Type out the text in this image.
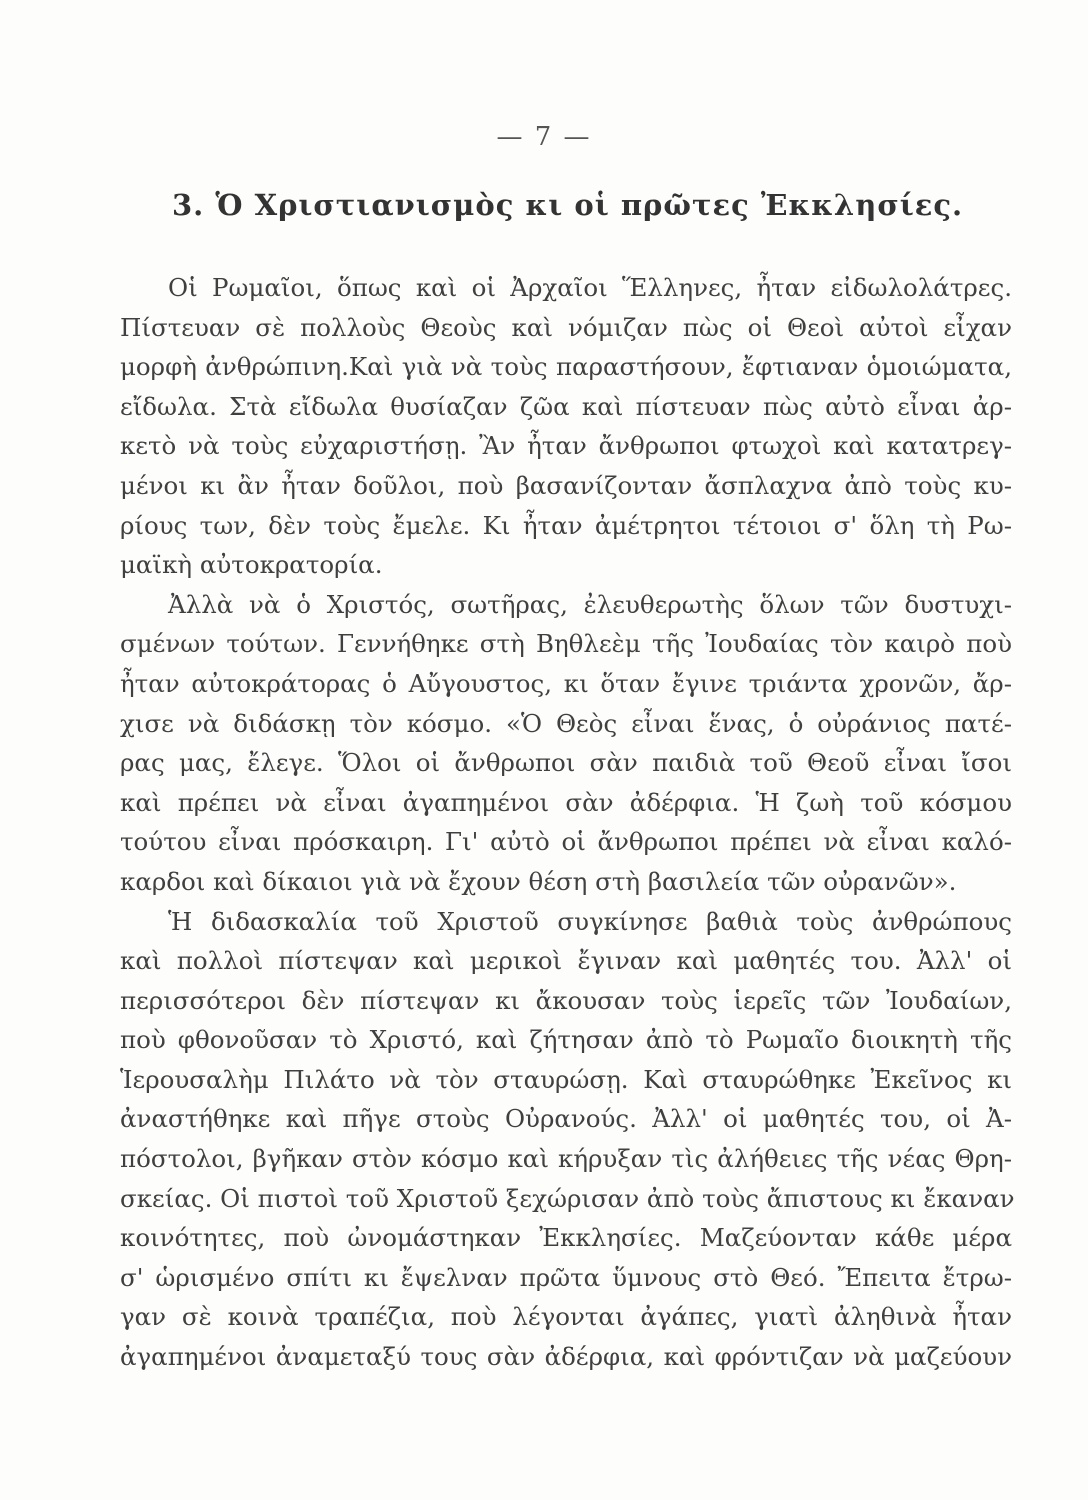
— 7 —
3. Ὁ Χριστιανισμὸς κι οἱ πρῶτες Ἐκκλησίες.
Οἱ Ρωμαῖοι, ὅπως καὶ οἱ Ἀρχαῖοι Ἕλληνες, ἦταν εἰδωλολάτρες.
Πίστευαν σὲ πολλοὺς Θεοὺς καὶ νόμιζαν πὼς οἱ Θεοὶ αὐτοὶ εἶχαν
μορφὴ ἀνθρώπινη.Καὶ γιὰ νὰ τοὺς παραστήσουν, ἔφτιαναν ὁμοιώματα,
εἴδωλα. Στὰ εἴδωλα θυσίαζαν ζῶα καὶ πίστευαν πὼς αὐτὸ εἶναι ἀρ-
κετὸ νὰ τοὺς εὐχαριστήσῃ. Ἂν ἦταν ἄνθρωποι φτωχοὶ καὶ κατατρεγ-
μένοι κι ἂν ἦταν δοῦλοι, ποὺ βασανίζονταν ἄσπλαχνα ἀπὸ τοὺς κυ-
ρίους των, δὲν τοὺς ἔμελε. Κι ἦταν ἀμέτρητοι τέτοιοι σ' ὅλη τὴ Ρω-
μαϊκὴ αὐτοκρατορία.
Ἀλλὰ νὰ ὁ Χριστός, σωτῆρας, ἐλευθερωτὴς ὅλων τῶν δυστυχι-
σμένων τούτων. Γεννήθηκε στὴ Βηθλεὲμ τῆς Ἰουδαίας τὸν καιρὸ ποὺ
ἦταν αὐτοκράτορας ὁ Αὔγουστος, κι ὅταν ἔγινε τριάντα χρονῶν, ἄρ-
χισε νὰ διδάσκῃ τὸν κόσμο. «Ὁ Θεὸς εἶναι ἕνας, ὁ οὐράνιος πατέ-
ρας μας, ἔλεγε. Ὅλοι οἱ ἄνθρωποι σὰν παιδιὰ τοῦ Θεοῦ εἶναι ἴσοι
καὶ πρέπει νὰ εἶναι ἀγαπημένοι σὰν ἀδέρφια. Ἡ ζωὴ τοῦ κόσμου
τούτου εἶναι πρόσκαιρη. Γι' αὐτὸ οἱ ἄνθρωποι πρέπει νὰ εἶναι καλό-
καρδοι καὶ δίκαιοι γιὰ νὰ ἔχουν θέση στὴ βασιλεία τῶν οὐρανῶν».
Ἡ διδασκαλία τοῦ Χριστοῦ συγκίνησε βαθιὰ τοὺς ἀνθρώπους
καὶ πολλοὶ πίστεψαν καὶ μερικοὶ ἔγιναν καὶ μαθητές του. Ἀλλ' οἱ
περισσότεροι δὲν πίστεψαν κι ἄκουσαν τοὺς ἱερεῖς τῶν Ἰουδαίων,
ποὺ φθονοῦσαν τὸ Χριστό, καὶ ζήτησαν ἀπὸ τὸ Ρωμαῖο διοικητὴ τῆς
Ἱερουσαλὴμ Πιλάτο νὰ τὸν σταυρώσῃ. Καὶ σταυρώθηκε Ἐκεῖνος κι
ἀναστήθηκε καὶ πῆγε στοὺς Οὐρανούς. Ἀλλ' οἱ μαθητές του, οἱ Ἀ-
πόστολοι, βγῆκαν στὸν κόσμο καὶ κήρυξαν τὶς ἀλήθειες τῆς νέας Θρη-
σκείας. Οἱ πιστοὶ τοῦ Χριστοῦ ξεχώρισαν ἀπὸ τοὺς ἄπιστους κι ἔκαναν
κοινότητες, ποὺ ὠνομάστηκαν Ἐκκλησίες. Μαζεύονταν κάθε μέρα
σ' ὡρισμένο σπίτι κι ἔψελναν πρῶτα ὕμνους στὸ Θεό. Ἔπειτα ἔτρω-
γαν σὲ κοινὰ τραπέζια, ποὺ λέγονται ἀγάπες, γιατὶ ἀληθινὰ ἦταν
ἀγαπημένοι ἀναμεταξύ τους σὰν ἀδέρφια, καὶ φρόντιζαν νὰ μαζεύουν
